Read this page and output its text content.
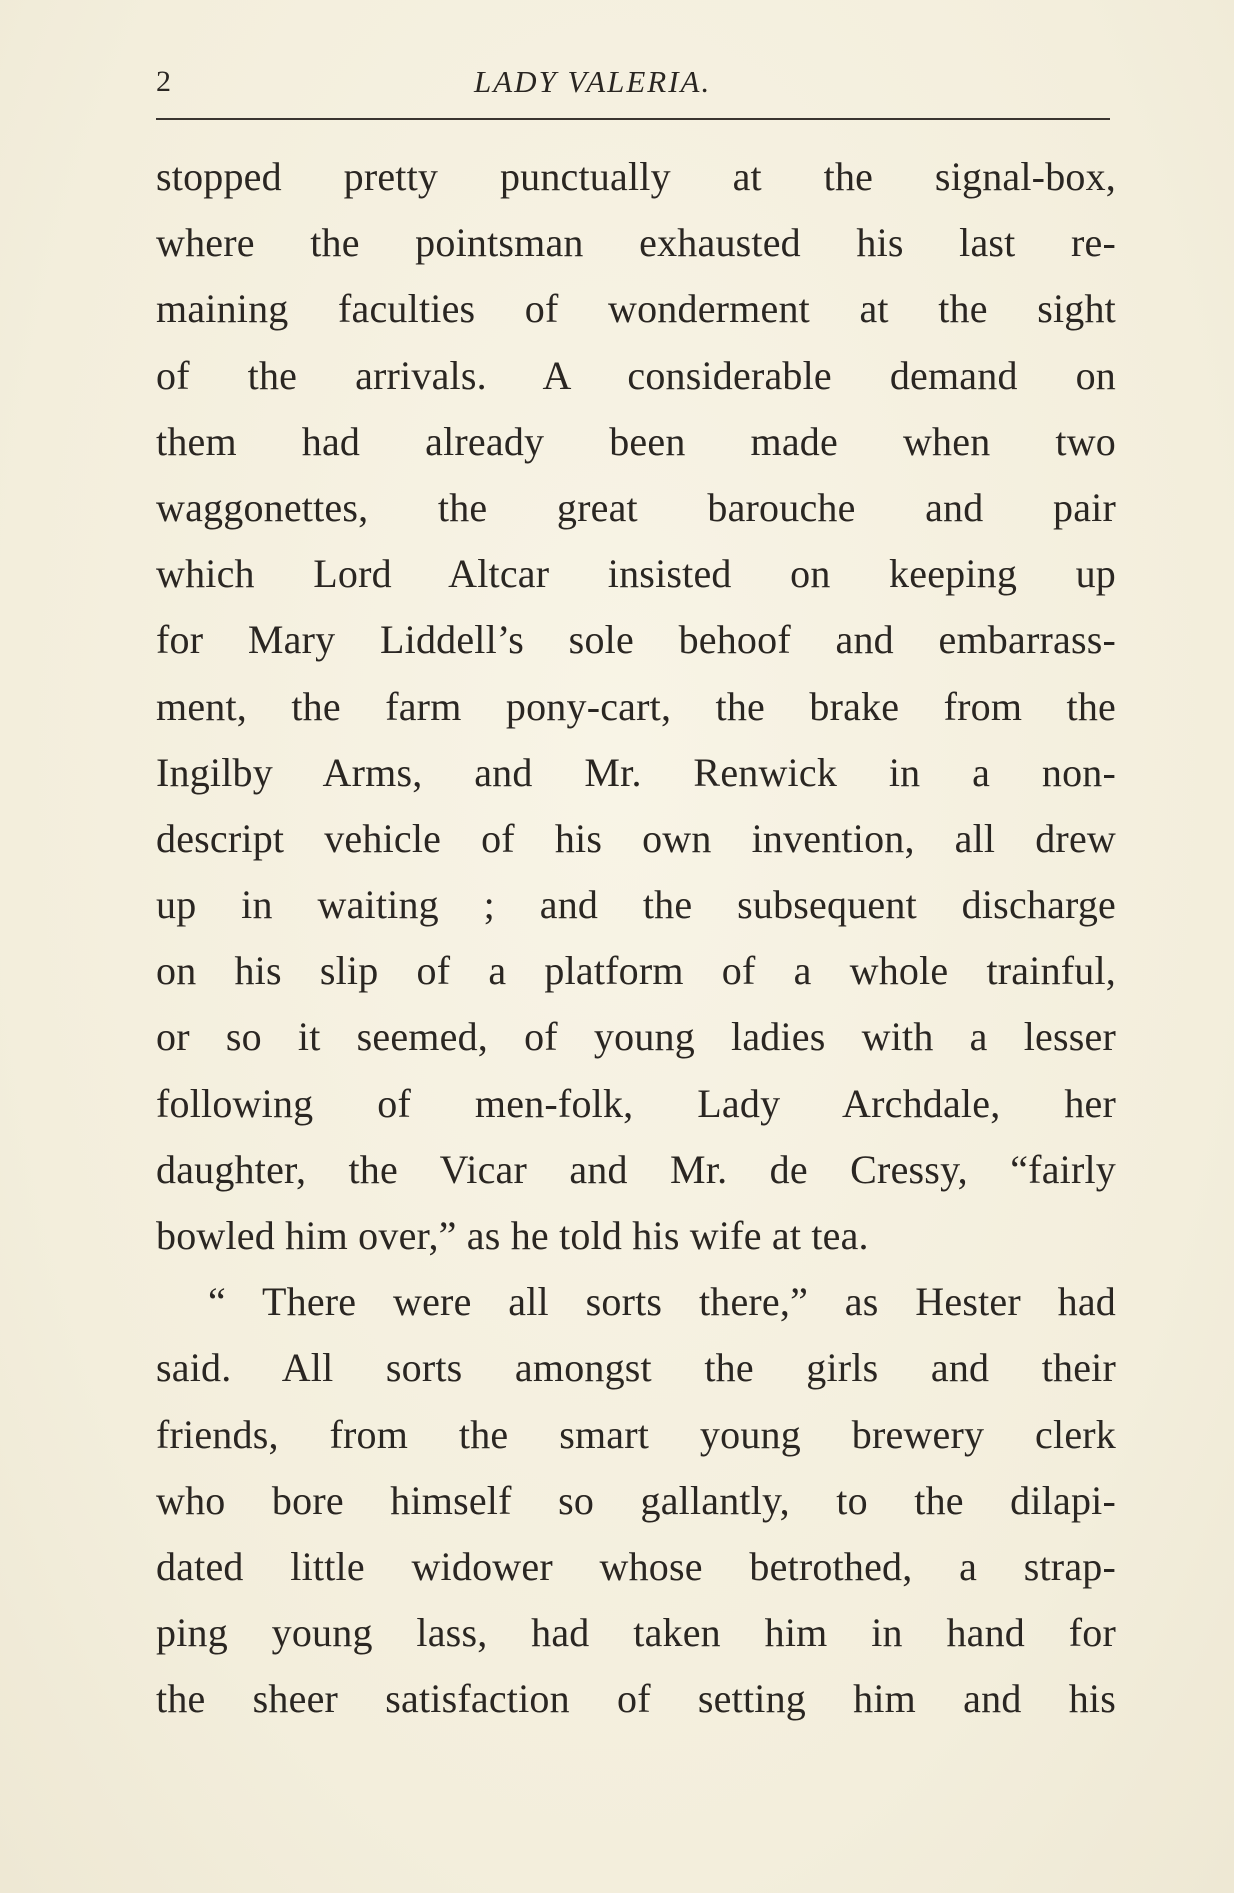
2	LADY VALERIA.
stopped pretty punctually at the signal-box,
where the pointsman exhausted his last re-
maining faculties of wonderment at the sight
of the arrivals. A considerable demand on
them had already been made when two
waggonettes, the great barouche and pair
which Lord Altcar insisted on keeping up
for Mary Liddell’s sole behoof and embarrass-
ment, the farm pony-cart, the brake from the
Ingilby Arms, and Mr. Renwick in a non-
descript vehicle of his own invention, all drew
up in waiting ; and the subsequent discharge
on his slip of a platform of a whole trainful,
or so it seemed, of young ladies with a lesser
following of men-folk, Lady Archdale, her
daughter, the Vicar and Mr. de Cressy, “fairly
bowled him over,” as he told his wife at tea.
“ There were all sorts there,” as Hester had
said. All sorts amongst the girls and their
friends, from the smart young brewery clerk
who bore himself so gallantly, to the dilapi-
dated little widower whose betrothed, a strap-
ping young lass, had taken him in hand for
the sheer satisfaction of setting him and his
